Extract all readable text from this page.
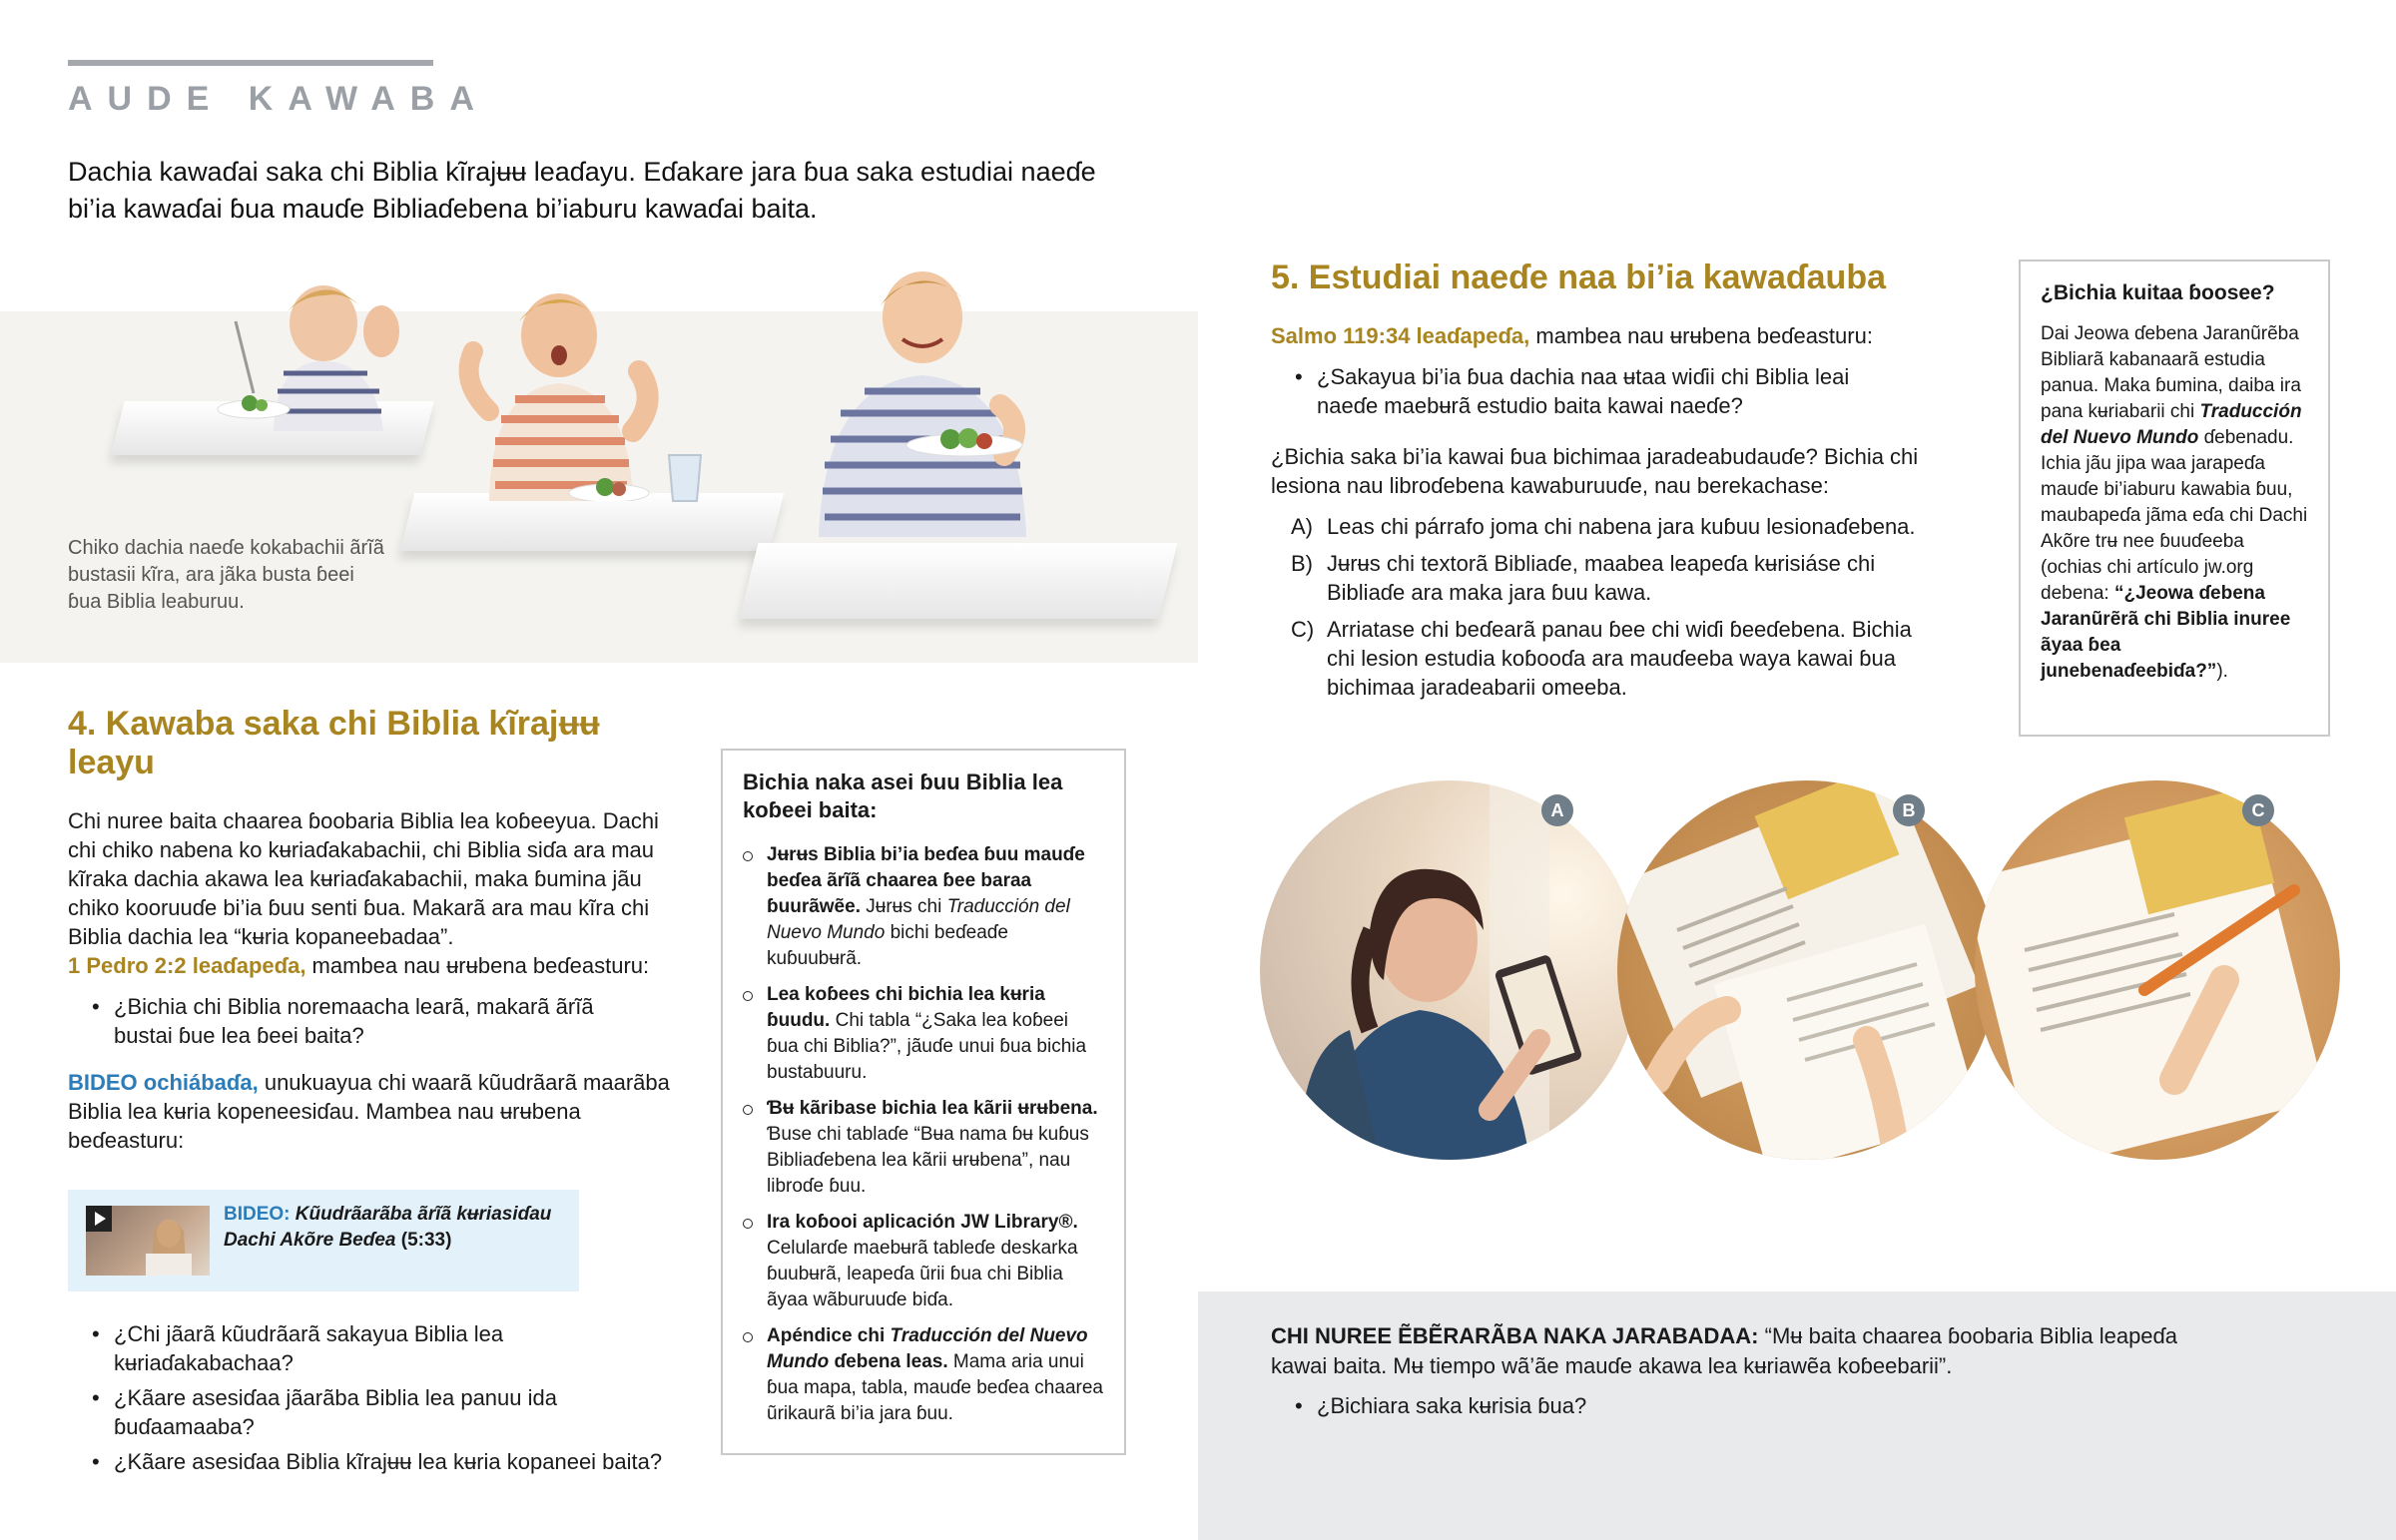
AUDE KAWABA

Dachia kawaɗai saka chi Biblia kĩrajʉʉ leaɗayu. Eɗakare jara ɓua saka estudiai naeɗe bi’ia kawaɗai ɓua mauɗe Bibliaɗebena bi’iaburu kawaɗai baita.

Chiko dachia naeɗe kokabachii ãrĩã bustasii kĩra, ara jãka busta ɓeei ɓua Biblia leaburuu.

4. Kawaba saka chi Biblia kĩrajʉʉ leayu

Chi nuree baita chaarea ɓoobaria Biblia lea koɓeeyua. Dachi chi chiko nabena ko kʉriaɗakabachii, chi Biblia siɗa ara mau kĩraka dachia akawa lea kʉriaɗakabachii, maka ɓumina jãu chiko kooruuɗe bi’ia ɓuu senti ɓua. Makarã ara mau kĩra chi Biblia dachia lea “kʉria kopaneebadaa”.
1 Pedro 2:2 leaɗapeɗa, mambea nau ʉrʉbena beɗeasturu:

• ¿Bichia chi Biblia noremaacha learã, makarã ãrĩã bustai ɓue lea ɓeei baita?

BIDEO ochiábaɗa, unukuayua chi waarã kũudrãarã maarãba Biblia lea kʉria kopeneesiɗau. Mambea nau ʉrʉbena beɗeasturu:

BIDEO: Kũudrãarãba ãrĩã kʉriasiɗau Dachi Akõre Beɗea (5:33)
• ¿Chi jãarã kũudrãarã sakayua Biblia lea kʉriaɗakabachaa?
• ¿Kãare asesiɗaa jãarãba Biblia lea panuu ida ɓuɗaamaaba?
• ¿Kãare asesiɗaa Biblia kĩrajʉʉ lea kʉria kopaneei baita?

Bichia naka asei ɓuu Biblia lea koɓeei baita:

Jʉrʉs Biblia bi’ia beɗea ɓuu mauɗe beɗea ãrĩã chaarea ɓee baraa ɓuurãwẽe. Jʉrʉs chi Traducción del Nuevo Mundo bichi beɗeaɗe kuɓuubʉrã.
Lea koɓees chi bichia lea kʉria ɓuudu. Chi tabla “¿Saka lea koɓeei ɓua chi Biblia?”, jãuɗe unui ɓua bichia bustabuuru.
Ɓʉ kãribase bichia lea kãrii ʉrʉbena. Ɓuse chi tablaɗe “Bʉa nama ɓʉ kuɓus Bibliaɗebena lea kãrii ʉrʉbena”, nau libroɗe ɓuu.
Ira koɓooi aplicación JW Library®. Celularɗe maebʉrã tableɗe deskarka ɓuubʉrã, leapeɗa ũrii ɓua chi Biblia ãyaa wãburuuɗe biɗa.
Apéndice chi Traducción del Nuevo Mundo ɗebena leas. Mama aria unui ɓua mapa, tabla, mauɗe beɗea chaarea ũrikaurã bi’ia jara ɓuu.
5. Estudiai naeɗe naa bi’ia kawaɗauba

Salmo 119:34 leaɗapeɗa, mambea nau ʉrʉbena beɗeasturu:

• ¿Sakayua bi’ia ɓua dachia naa ʉtaa wiɗii chi Biblia leai naeɗe maebʉrã estudio baita kawai naeɗe?

¿Bichia saka bi’ia kawai ɓua bichimaa jaradeabudauɗe? Bichia chi lesiona nau libroɗebena kawaburuuɗe, nau berekachase:

A) Leas chi párrafo joma chi nabena jara kuɓuu lesionaɗebena.
B) Jʉrʉs chi textorã Bibliaɗe, maabea leapeɗa kʉrisiáse chi Bibliaɗe ara maka jara ɓuu kawa.
C) Arriatase chi beɗearã panau ɓee chi wiɗi ɓeeɗebena. Bichia chi lesion estudia koɓooɗa ara mauɗeeba waya kawai ɓua bichimaa jaradeabarii omeeba.

¿Bichia kuitaa ɓoosee?

Dai Jeowa ɗebena Jaranũrẽba Bibliarã kabanaarã estudia panua. Maka ɓumina, daiba ira pana kʉriabarii chi Traducción del Nuevo Mundo ɗebenadu. Ichia jãu jipa waa jarapeɗa mauɗe bi’iaburu kawabia ɓuu, maubapeɗa jãma eɗa chi Dachi Akõre trʉ nee ɓuuɗeeba (ochias chi artículo jw.org debena: “¿Jeowa ɗebena Jaranũrẽrã chi Biblia inuree ãyaa ɓea junebenaɗeebiɗa?”).

A	B	C

CHI NUREE ẼBẼRARÃBA NAKA JARABADAA: “Mʉ baita chaarea ɓoobaria Biblia leapeɗa kawai baita. Mʉ tiempo wã’ãe mauɗe akawa lea kʉriawẽa koɓeebarii”.

• ¿Bichiara saka kʉrisia ɓua?
